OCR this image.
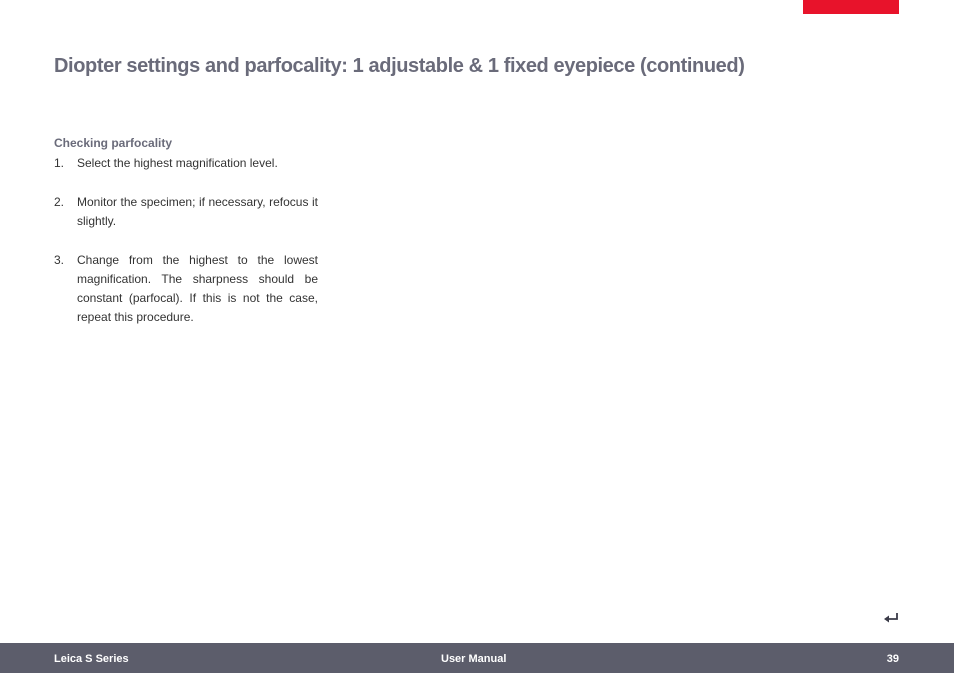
Diopter settings and parfocality: 1 adjustable & 1 fixed eyepiece (continued)
Checking parfocality
1.	Select the highest magnification level.
2.	Monitor the specimen; if necessary, refocus it slightly.
3.	Change from the highest to the lowest magnification. The sharpness should be constant (parfocal). If this is not the case, repeat this procedure.
Leica S Series	User Manual	39
